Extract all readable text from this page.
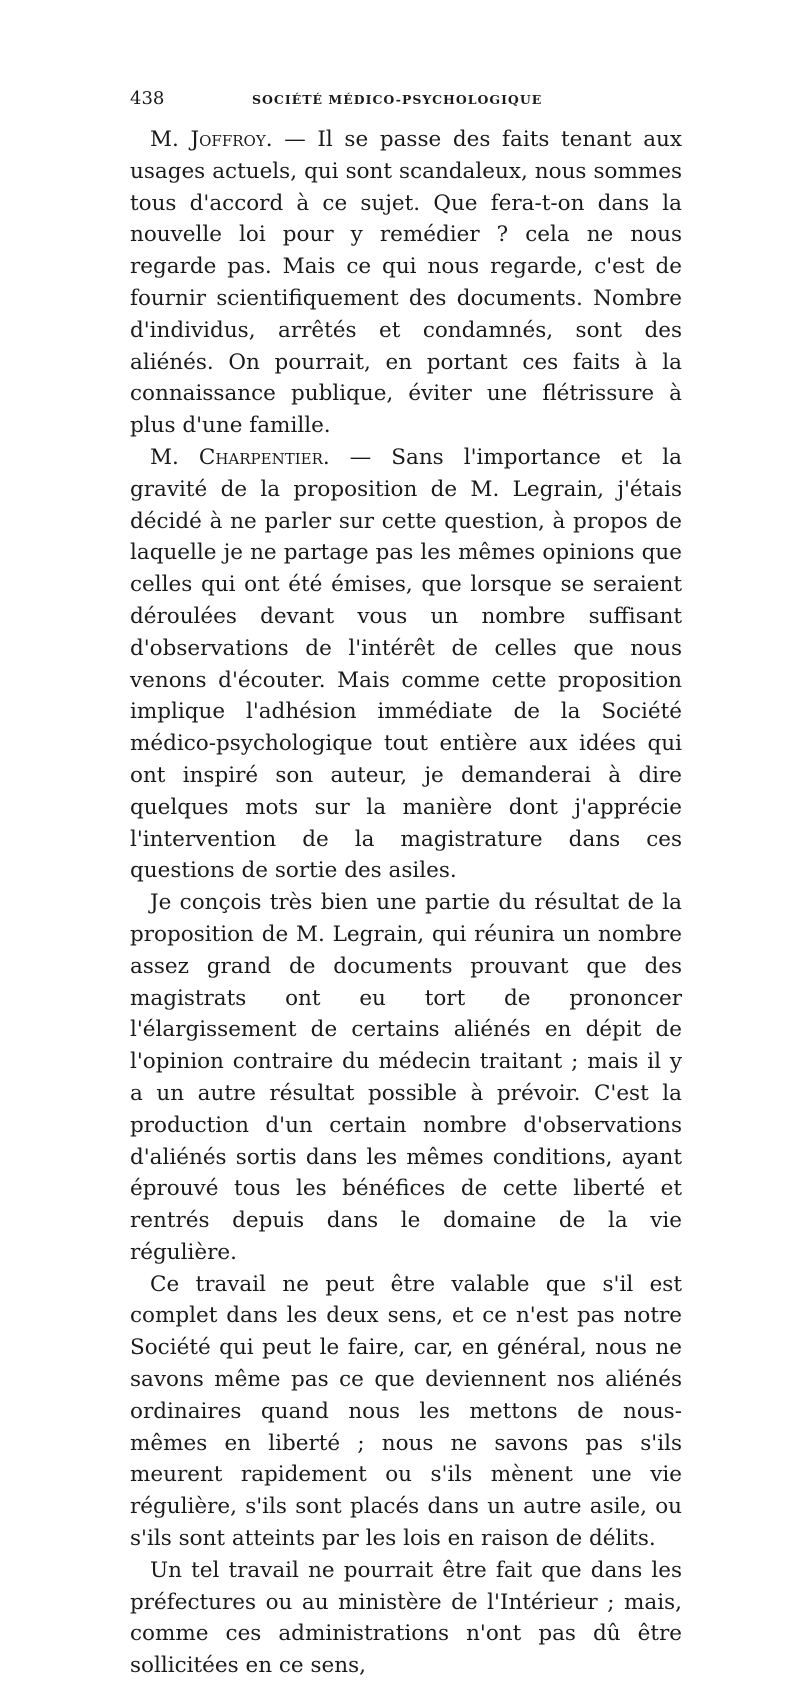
438	SOCIÉTÉ MÉDICO-PSYCHOLOGIQUE

M. Joffroy. — Il se passe des faits tenant aux usages actuels, qui sont scandaleux, nous sommes tous d'accord à ce sujet. Que fera-t-on dans la nouvelle loi pour y remédier ? cela ne nous regarde pas. Mais ce qui nous regarde, c'est de fournir scientifiquement des documents. Nombre d'individus, arrêtés et condamnés, sont des aliénés. On pourrait, en portant ces faits à la connaissance publique, éviter une flétrissure à plus d'une famille.

M. Charpentier. — Sans l'importance et la gravité de la proposition de M. Legrain, j'étais décidé à ne parler sur cette question, à propos de laquelle je ne partage pas les mêmes opinions que celles qui ont été émises, que lorsque se seraient déroulées devant vous un nombre suffisant d'observations de l'intérêt de celles que nous venons d'écouter. Mais comme cette proposition implique l'adhésion immédiate de la Société médico-psychologique tout entière aux idées qui ont inspiré son auteur, je demanderai à dire quelques mots sur la manière dont j'apprécie l'intervention de la magistrature dans ces questions de sortie des asiles.

Je conçois très bien une partie du résultat de la proposition de M. Legrain, qui réunira un nombre assez grand de documents prouvant que des magistrats ont eu tort de prononcer l'élargissement de certains aliénés en dépit de l'opinion contraire du médecin traitant ; mais il y a un autre résultat possible à prévoir. C'est la production d'un certain nombre d'observations d'aliénés sortis dans les mêmes conditions, ayant éprouvé tous les bénéfices de cette liberté et rentrés depuis dans le domaine de la vie régulière.

Ce travail ne peut être valable que s'il est complet dans les deux sens, et ce n'est pas notre Société qui peut le faire, car, en général, nous ne savons même pas ce que deviennent nos aliénés ordinaires quand nous les mettons de nous-mêmes en liberté ; nous ne savons pas s'ils meurent rapidement ou s'ils mènent une vie régulière, s'ils sont placés dans un autre asile, ou s'ils sont atteints par les lois en raison de délits.

Un tel travail ne pourrait être fait que dans les préfectures ou au ministère de l'Intérieur ; mais, comme ces administrations n'ont pas dû être sollicitées en ce sens,
